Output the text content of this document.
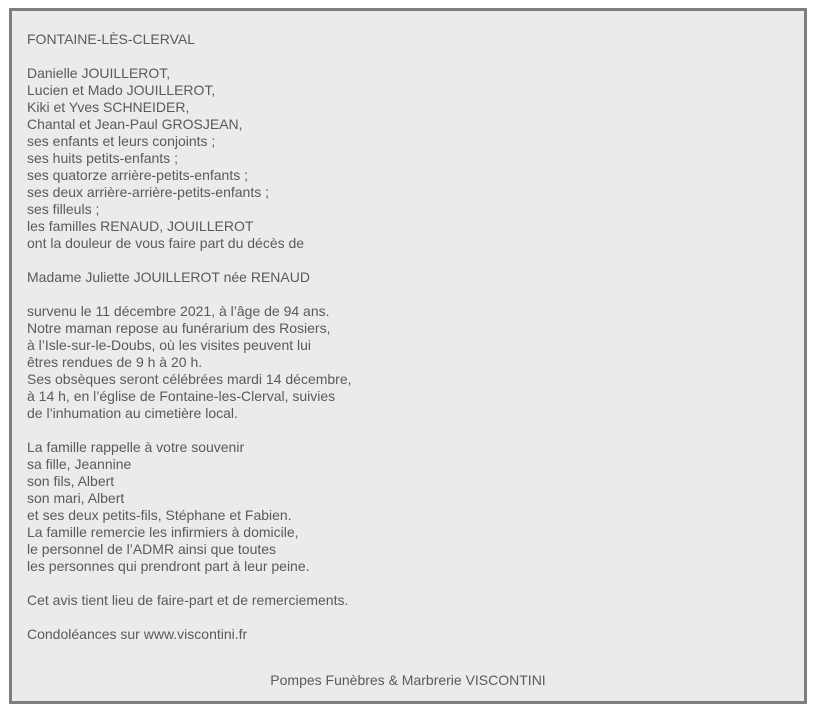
FONTAINE-LÈS-CLERVAL
Danielle JOUILLEROT,
Lucien et Mado JOUILLEROT,
Kiki et Yves SCHNEIDER,
Chantal et Jean-Paul GROSJEAN,
ses enfants et leurs conjoints ;
ses huits petits-enfants ;
ses quatorze arrière-petits-enfants ;
ses deux arrière-arrière-petits-enfants ;
ses filleuls ;
les familles RENAUD, JOUILLEROT
ont la douleur de vous faire part du décès de
Madame Juliette JOUILLEROT née RENAUD
survenu le 11 décembre 2021, à l’âge de 94 ans.
Notre maman repose au funérarium des Rosiers,
à l’Isle-sur-le-Doubs, où les visites peuvent lui
êtres rendues de 9 h à 20 h.
Ses obsèques seront célébrées mardi 14 décembre,
à 14 h, en l’église de Fontaine-les-Clerval, suivies
de l’inhumation au cimetière local.
La famille rappelle à votre souvenir
sa fille, Jeannine
son fils, Albert
son mari, Albert
et ses deux petits-fils, Stéphane et Fabien.
La famille remercie les infirmiers à domicile,
le personnel de l’ADMR ainsi que toutes
les personnes qui prendront part à leur peine.
Cet avis tient lieu de faire-part et de remerciements.
Condoléances sur www.viscontini.fr
Pompes Funèbres & Marbrerie VISCONTINI
